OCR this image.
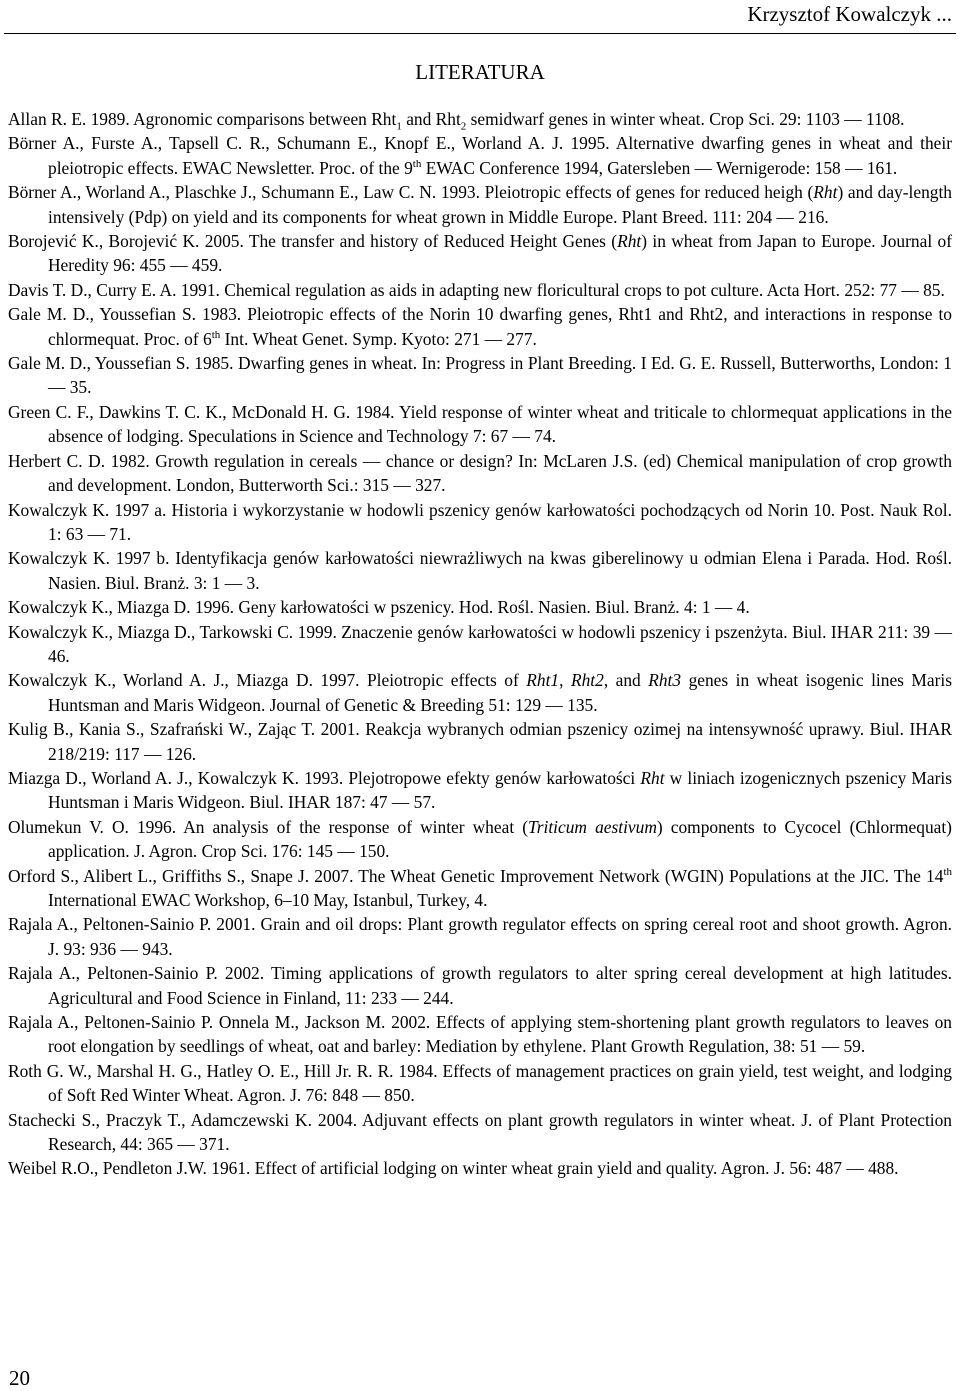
Krzysztof Kowalczyk ...
LITERATURA

Allan R. E. 1989. Agronomic comparisons between Rht$_1$ and Rht$_2$ semidwarf genes in winter wheat. Crop Sci. 29: 1103 — 1108.

Börner A., Furste A., Tapsell C. R., Schumann E., Knopf E., Worland A. J. 1995. Alternative dwarfing genes in wheat and their pleiotropic effects. EWAC Newsletter. Proc. of the 9th EWAC Conference 1994, Gatersleben — Wernigerode: 158 — 161.

Börner A., Worland A., Plaschke J., Schumann E., Law C. N. 1993. Pleiotropic effects of genes for reduced heigh (Rht) and day-length intensively (Pdp) on yield and its components for wheat grown in Middle Europe. Plant Breed. 111: 204 — 216.

Borojević K., Borojević K. 2005. The transfer and history of Reduced Height Genes (Rht) in wheat from Japan to Europe. Journal of Heredity 96: 455 — 459.

Davis T. D., Curry E. A. 1991. Chemical regulation as aids in adapting new floricultural crops to pot culture. Acta Hort. 252: 77 — 85.

Gale M. D., Youssefian S. 1983. Pleiotropic effects of the Norin 10 dwarfing genes, Rht1 and Rht2, and interactions in response to chlormequat. Proc. of 6th Int. Wheat Genet. Symp. Kyoto: 271 — 277.

Gale M. D., Youssefian S. 1985. Dwarfing genes in wheat. In: Progress in Plant Breeding. I Ed. G. E. Russell, Butterworths, London: 1 — 35.

Green C. F., Dawkins T. C. K., McDonald H. G. 1984. Yield response of winter wheat and triticale to chlormequat applications in the absence of lodging. Speculations in Science and Technology 7: 67 — 74.

Herbert C. D. 1982. Growth regulation in cereals — chance or design? In: McLaren J.S. (ed) Chemical manipulation of crop growth and development. London, Butterworth Sci.: 315 — 327.

Kowalczyk K. 1997 a. Historia i wykorzystanie w hodowli pszenicy genów karłowatości pochodzących od Norin 10. Post. Nauk Rol. 1: 63 — 71.

Kowalczyk K. 1997 b. Identyfikacja genów karłowatości niewrażliwych na kwas giberelinowy u odmian Elena i Parada. Hod. Rośl. Nasien. Biul. Branż. 3: 1 — 3.

Kowalczyk K., Miazga D. 1996. Geny karłowatości w pszenicy. Hod. Rośl. Nasien. Biul. Branż. 4: 1 — 4.

Kowalczyk K., Miazga D., Tarkowski C. 1999. Znaczenie genów karłowatości w hodowli pszenicy i pszenżyta. Biul. IHAR 211: 39 — 46.

Kowalczyk K., Worland A. J., Miazga D. 1997. Pleiotropic effects of Rht1, Rht2, and Rht3 genes in wheat isogenic lines Maris Huntsman and Maris Widgeon. Journal of Genetic & Breeding 51: 129 — 135.

Kulig B., Kania S., Szafrański W., Zając T. 2001. Reakcja wybranych odmian pszenicy ozimej na intensywność uprawy. Biul. IHAR 218/219: 117 — 126.

Miazga D., Worland A. J., Kowalczyk K. 1993. Plejotropowe efekty genów karłowatości Rht w liniach izogenicznych pszenicy Maris Huntsman i Maris Widgeon. Biul. IHAR 187: 47 — 57.

Olumekun V. O. 1996. An analysis of the response of winter wheat (Triticum aestivum) components to Cycocel (Chlormequat) application. J. Agron. Crop Sci. 176: 145 — 150.

Orford S., Alibert L., Griffiths S., Snape J. 2007. The Wheat Genetic Improvement Network (WGIN) Populations at the JIC. The 14th International EWAC Workshop, 6–10 May, Istanbul, Turkey, 4.

Rajala A., Peltonen-Sainio P. 2001. Grain and oil drops: Plant growth regulator effects on spring cereal root and shoot growth. Agron. J. 93: 936 — 943.

Rajala A., Peltonen-Sainio P. 2002. Timing applications of growth regulators to alter spring cereal development at high latitudes. Agricultural and Food Science in Finland, 11: 233 — 244.

Rajala A., Peltonen-Sainio P. Onnela M., Jackson M. 2002. Effects of applying stem-shortening plant growth regulators to leaves on root elongation by seedlings of wheat, oat and barley: Mediation by ethylene. Plant Growth Regulation, 38: 51 — 59.

Roth G. W., Marshal H. G., Hatley O. E., Hill Jr. R. R. 1984. Effects of management practices on grain yield, test weight, and lodging of Soft Red Winter Wheat. Agron. J. 76: 848 — 850.

Stachecki S., Praczyk T., Adamczewski K. 2004. Adjuvant effects on plant growth regulators in winter wheat. J. of Plant Protection Research, 44: 365 — 371.

Weibel R.O., Pendleton J.W. 1961. Effect of artificial lodging on winter wheat grain yield and quality. Agron. J. 56: 487 — 488.

20
